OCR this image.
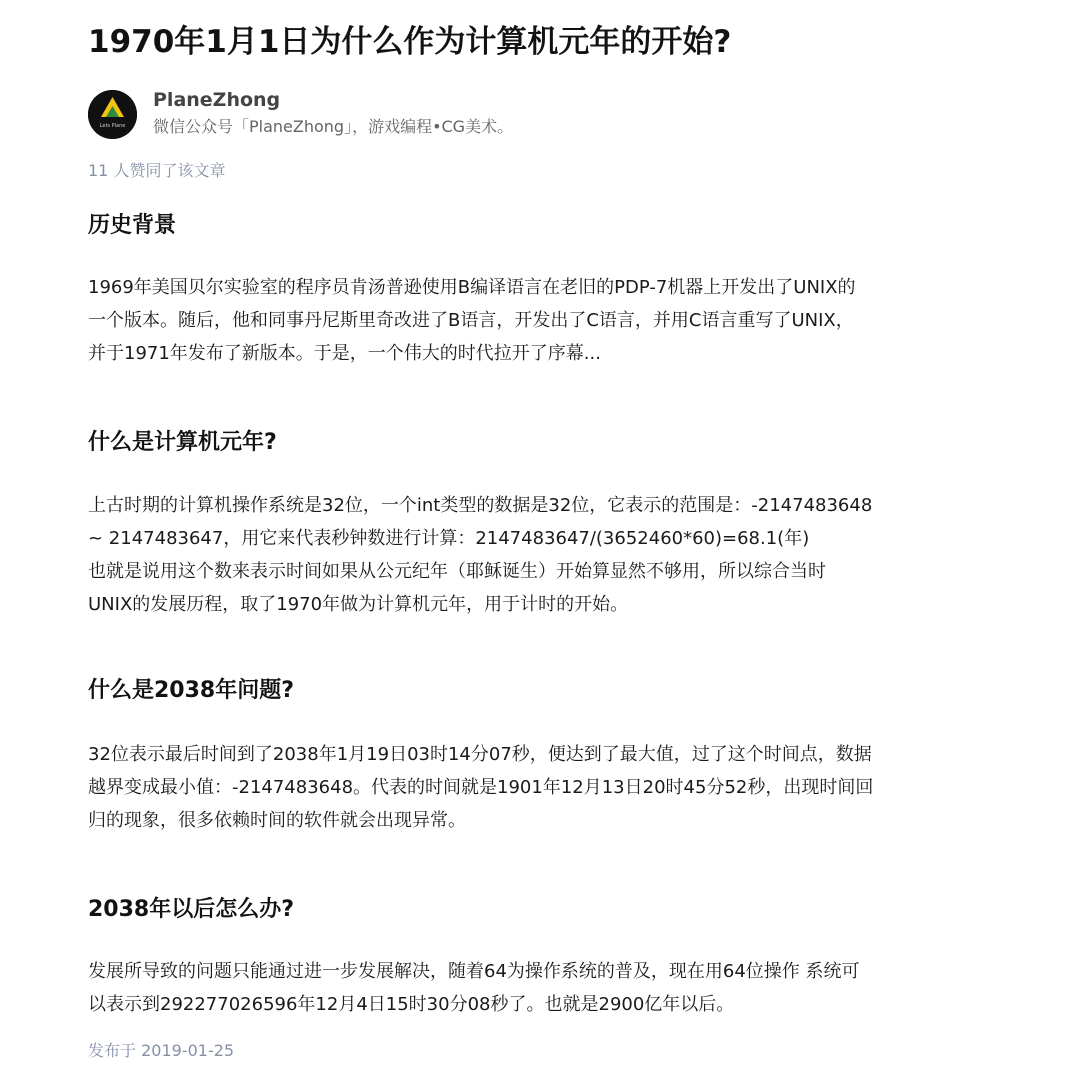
1970年1月1日为什么作为计算机元年的开始?
Lets Plane
PlaneZhong
微信公众号「PlaneZhong」，游戏编程•CG美术。
11 人赞同了该文章
历史背景

1969年美国贝尔实验室的程序员肯汤普逊使用B编译语言在老旧的PDP-7机器上开发出了UNIX的
一个版本。随后，他和同事丹尼斯里奇改进了B语言，开发出了C语言，并用C语言重写了UNIX，
并于1971年发布了新版本。于是，一个伟大的时代拉开了序幕...

什么是计算机元年?

上古时期的计算机操作系统是32位，一个int类型的数据是32位，它表示的范围是：-2147483648
~ 2147483647，用它来代表秒钟数进行计算：2147483647/(3652460*60)=68.1(年)
也就是说用这个数来表示时间如果从公元纪年（耶稣诞生）开始算显然不够用，所以综合当时
UNIX的发展历程，取了1970年做为计算机元年，用于计时的开始。

什么是2038年问题?

32位表示最后时间到了2038年1月19日03时14分07秒，便达到了最大值，过了这个时间点，数据
越界变成最小值：-2147483648。代表的时间就是1901年12月13日20时45分52秒，出现时间回
归的现象，很多依赖时间的软件就会出现异常。

2038年以后怎么办?

发展所导致的问题只能通过进一步发展解决，随着64为操作系统的普及，现在用64位操作 系统可
以表示到292277026596年12月4日15时30分08秒了。也就是2900亿年以后。

发布于 2019-01-25
